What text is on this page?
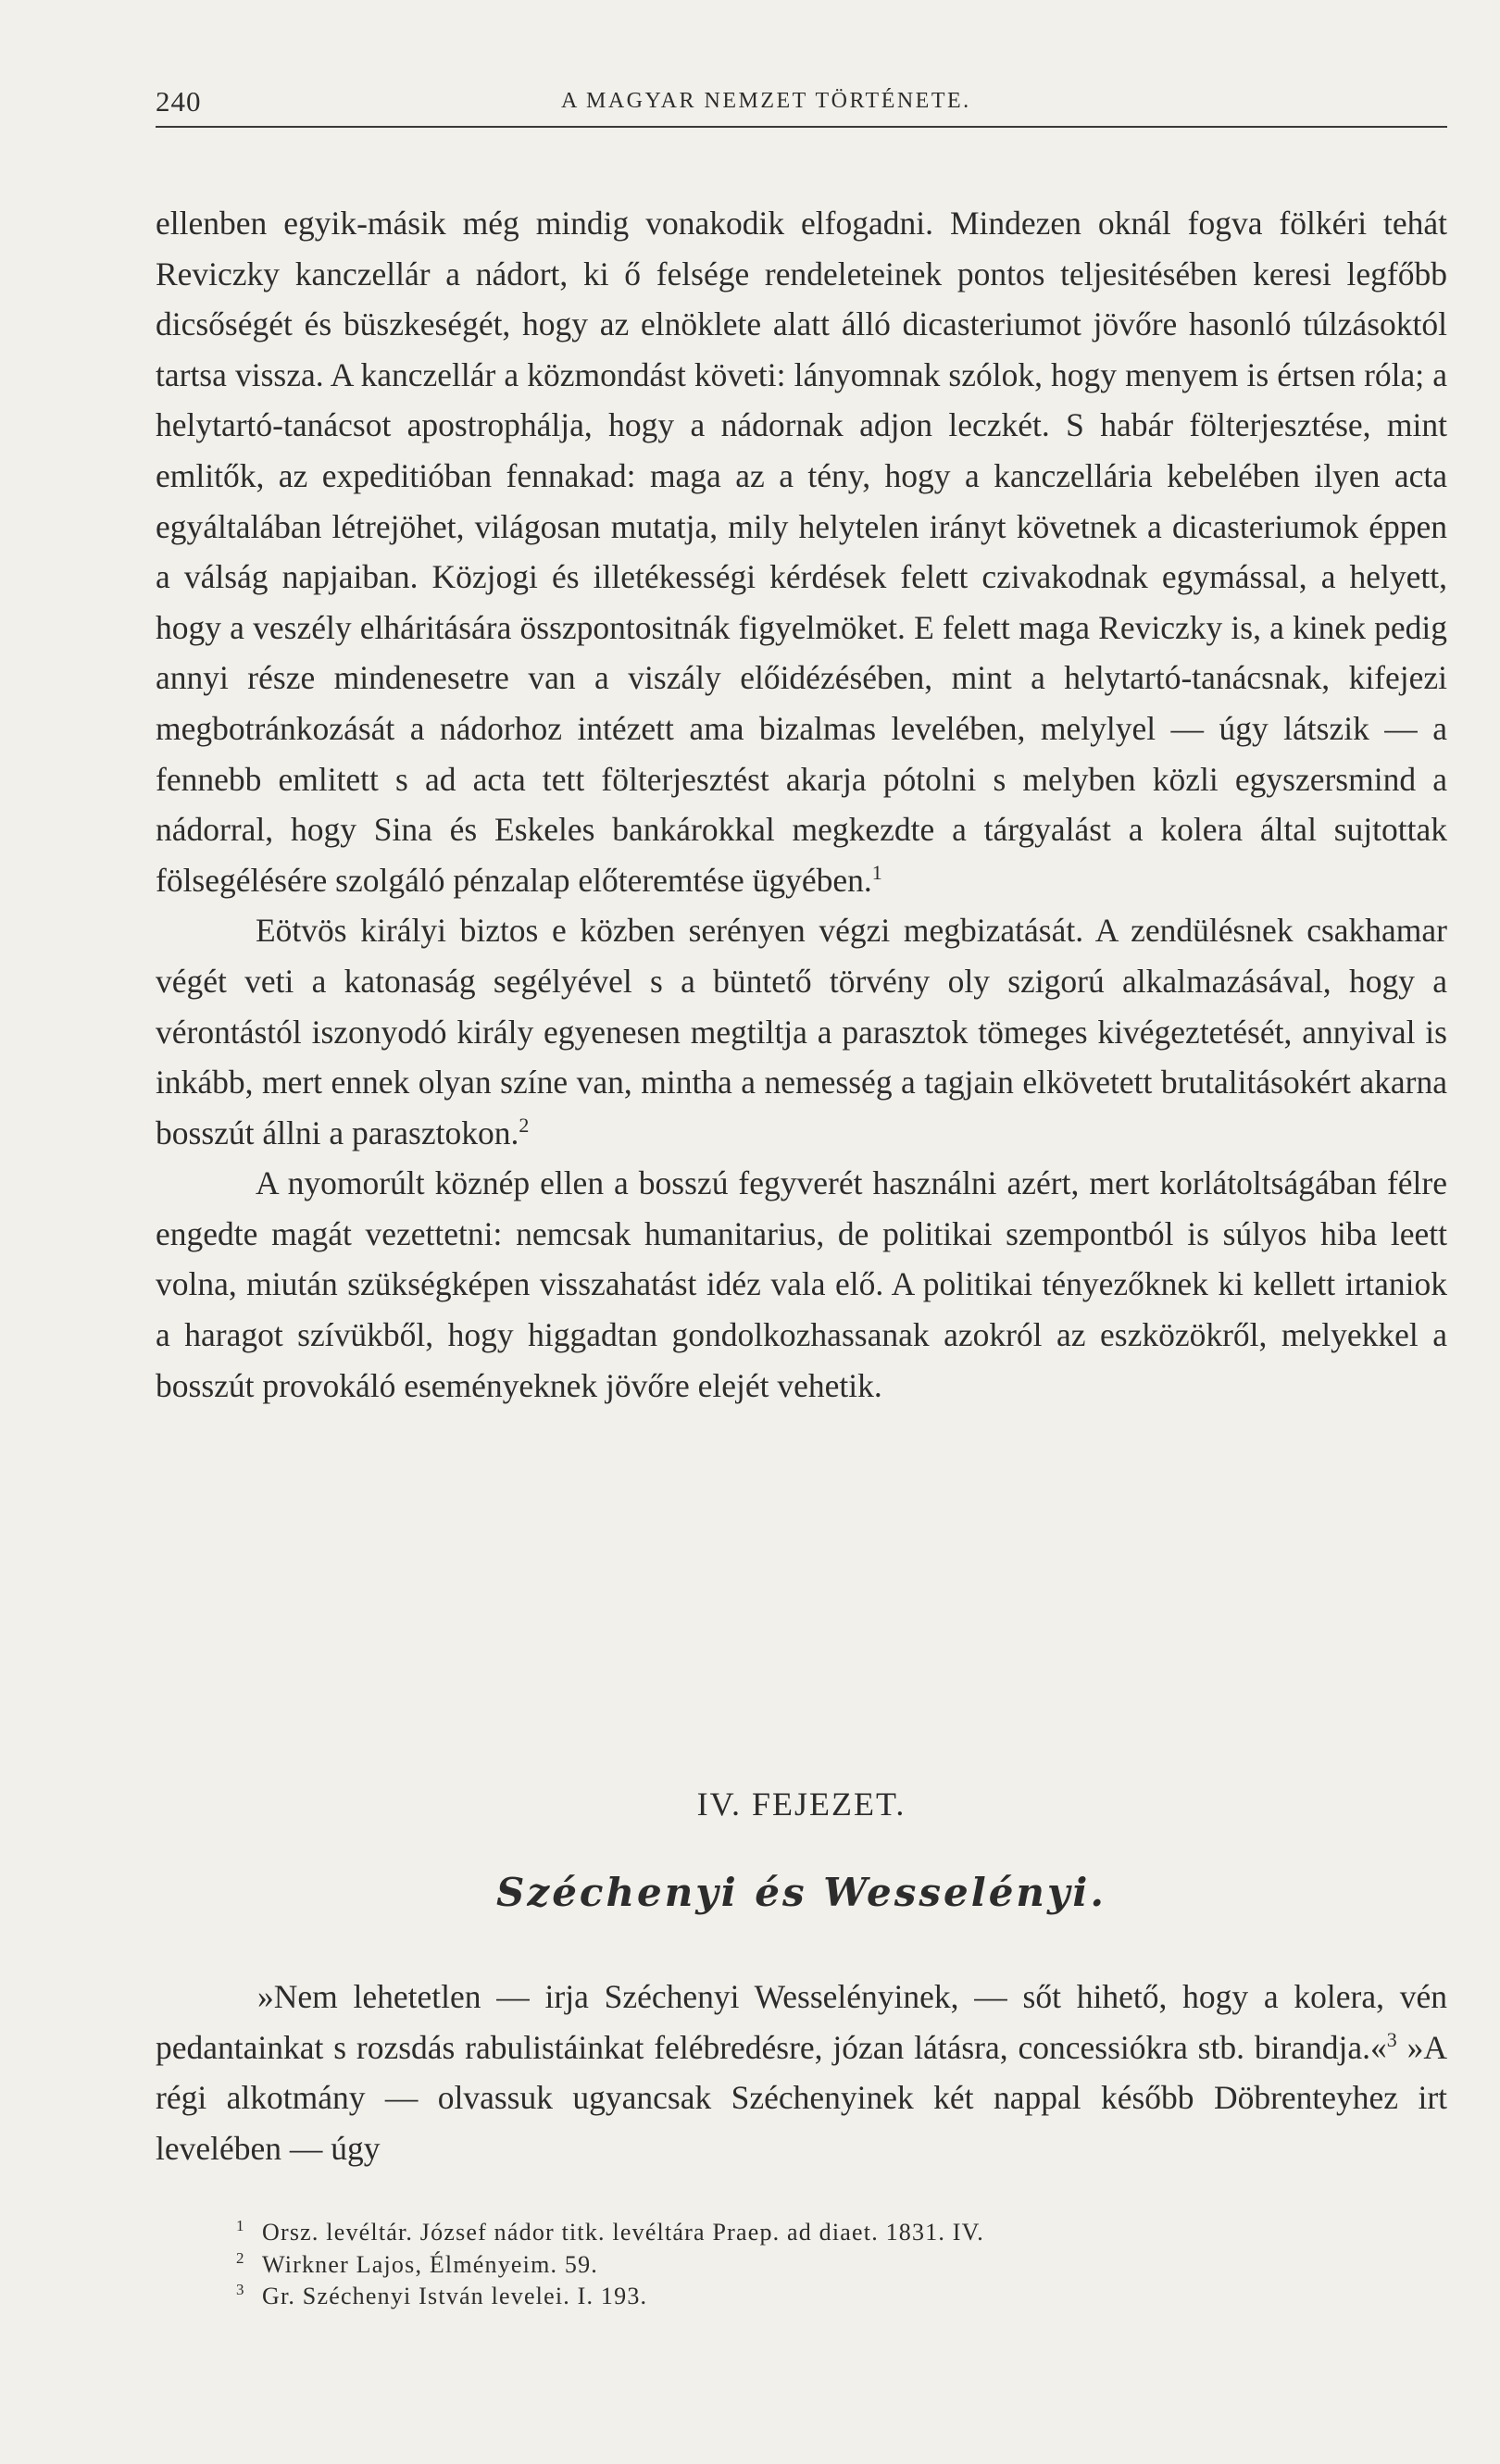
240	A MAGYAR NEMZET TÖRTÉNETE.

ellenben egyik-másik még mindig vonakodik elfogadni. Mindezen oknál fogva fölkéri tehát Reviczky kanczellár a nádort, ki ő felsége rendeleteinek pontos teljesitésében keresi legfőbb dicsőségét és büszkeségét, hogy az elnöklete alatt álló dicasteriumot jövőre hasonló túlzásoktól tartsa vissza. A kanczellár a közmondást követi: lányomnak szólok, hogy menyem is értsen róla; a helytartó-tanácsot apostrophálja, hogy a nádornak adjon leczkét. S habár fölterjesztése, mint emlitők, az expeditióban fennakad: maga az a tény, hogy a kanczellária kebelében ilyen acta egyáltalában létrejöhet, világosan mutatja, mily helytelen irányt követnek a dicasteriumok éppen a válság napjaiban. Közjogi és illetékességi kérdések felett czivakodnak egymással, a helyett, hogy a veszély elháritására összpontositnák figyelmöket. E felett maga Reviczky is, a kinek pedig annyi része mindenesetre van a viszály előidézésében, mint a helytartó-tanácsnak, kifejezi megbotránkozását a nádorhoz intézett ama bizalmas levelében, melylyel — úgy látszik — a fennebb emlitett s ad acta tett fölterjesztést akarja pótolni s melyben közli egyszersmind a nádorral, hogy Sina és Eskeles bankárokkal megkezdte a tárgyalást a kolera által sujtottak fölsegélésére szolgáló pénzalap előteremtése ügyében.$^1$

Eötvös királyi biztos e közben serényen végzi megbizatását. A zendülésnek csakhamar végét veti a katonaság segélyével s a büntető törvény oly szigorú alkalmazásával, hogy a vérontástól iszonyodó király egyenesen megtiltja a parasztok tömeges kivégeztetését, annyival is inkább, mert ennek olyan színe van, mintha a nemesség a tagjain elkövetett brutalitásokért akarna bosszút állni a parasztokon.$^2$

A nyomorúlt köznép ellen a bosszú fegyverét használni azért, mert korlátoltságában félre engedte magát vezettetni: nemcsak humanitarius, de politikai szempontból is súlyos hiba leett volna, miután szükségképen visszahatást idéz vala elő. A politikai tényezőknek ki kellett irtaniok a haragot szívükből, hogy higgadtan gondolkozhassanak azokról az eszközökről, melyekkel a bosszút provokáló eseményeknek jövőre elejét vehetik.

IV. FEJEZET.

Széchenyi és Wesselényi.

»Nem lehetetlen — irja Széchenyi Wesselényinek, — sőt hihető, hogy a kolera, vén pedantainkat s rozsdás rabulistáinkat felébredésre, józan látásra, concessiókra stb. birandja.«$^3$ »A régi alkotmány — olvassuk ugyancsak Széchenyinek két nappal később Döbrenteyhez irt levelében — úgy

1 Orsz. levéltár. József nádor titk. levéltára Praep. ad diaet. 1831. IV.

2 Wirkner Lajos, Élményeim. 59.

3 Gr. Széchenyi István levelei. I. 193.
